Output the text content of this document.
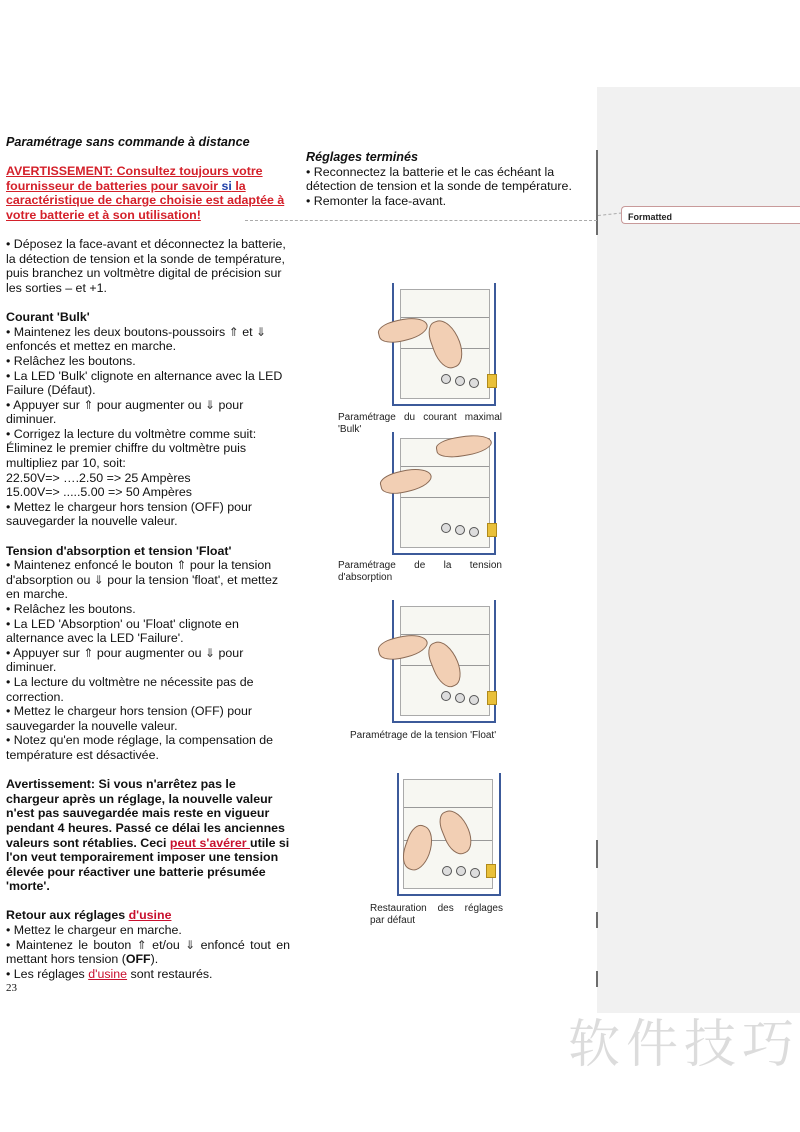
Formatted
Paramétrage sans commande à distance
AVERTISSEMENT: Consultez toujours votre fournisseur de batteries pour savoir si la caractéristique de charge choisie est adaptée à votre batterie et à son utilisation!
• Déposez la face-avant et déconnectez la batterie, la détection de tension et la sonde de température, puis branchez un voltmètre digital de précision sur les sorties – et +1.
Courant 'Bulk'
• Maintenez les deux boutons-poussoirs ⇑ et ⇓
enfoncés et mettez en marche.
• Relâchez les boutons.
• La LED 'Bulk' clignote en alternance avec la LED Failure (Défaut).
• Appuyer sur ⇑ pour augmenter ou ⇓ pour diminuer.
• Corrigez la lecture du voltmètre comme suit: Éliminez le premier chiffre du voltmètre puis multipliez par 10, soit:
22.50V=> ….2.50 => 25 Ampères
15.00V=> .....5.00 => 50 Ampères
• Mettez le chargeur hors tension (OFF) pour sauvegarder la nouvelle valeur.
Tension d'absorption et tension 'Float'
• Maintenez enfoncé le bouton ⇑ pour la tension d'absorption ou ⇓ pour la tension 'float', et mettez en marche.
• Relâchez les boutons.
• La LED 'Absorption' ou 'Float' clignote en alternance avec la LED 'Failure'.
• Appuyer sur ⇑ pour augmenter ou ⇓ pour diminuer.
• La lecture du voltmètre ne nécessite pas de correction.
• Mettez le chargeur hors tension (OFF) pour sauvegarder la nouvelle valeur.
• Notez qu'en mode réglage, la compensation de température est désactivée.
Avertissement: Si vous n'arrêtez pas le chargeur après un réglage, la nouvelle valeur n'est pas sauvegardée mais reste en vigueur pendant 4 heures. Passé ce délai les anciennes valeurs sont rétablies. Ceci peut s'avérer utile si l'on veut temporairement imposer une tension élevée pour réactiver une batterie présumée 'morte'.
Retour aux réglages d'usine
• Mettez le chargeur en marche.
• Maintenez le bouton ⇑ et/ou ⇓ enfoncé tout en mettant hors tension (OFF).
• Les réglages d'usine sont restaurés.
23
Réglages terminés
• Reconnectez la batterie et le cas échéant la détection de tension et la sonde de température.
• Remonter la face-avant.
Paramétrage du courant maximal 'Bulk'
Paramétrage de la tension d'absorption
Paramétrage de la tension 'Float'
Restauration des réglages par défaut
软件技巧
